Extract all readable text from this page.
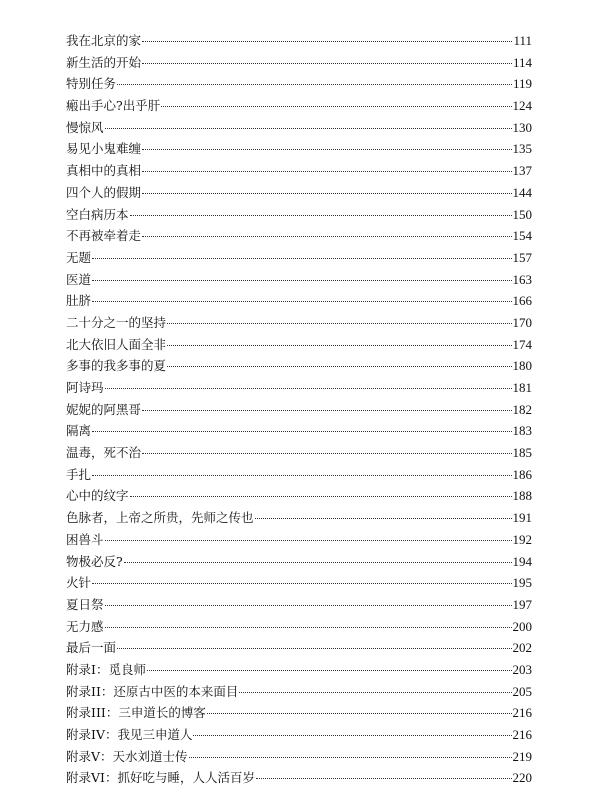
我在北京的家	111
新生活的开始	114
特别任务	119
瘢出手心?出乎肝	124
慢惊风	130
易见小鬼难缠	135
真相中的真相	137
四个人的假期	144
空白病历本	150
不再被牵着走	154
无题	157
医道	163
肚脐	166
二十分之一的坚持	170
北大依旧人面全非	174
多事的我多事的夏	180
阿诗玛	181
妮妮的阿黑哥	182
隔离	183
温毒，死不治	185
手扎	186
心中的纹字	188
色脉者，上帝之所贵，先师之传也	191
困兽斗	192
物极必反?	194
火针	195
夏日祭	197
无力感	200
最后一面	202
附录I：觅良师	203
附录II：还原古中医的本来面目	205
附录III：三申道长的博客	216
附录IV：我见三申道人	216
附录V：天水刘道士传	219
附录VI：抓好吃与睡，人人活百岁	220
